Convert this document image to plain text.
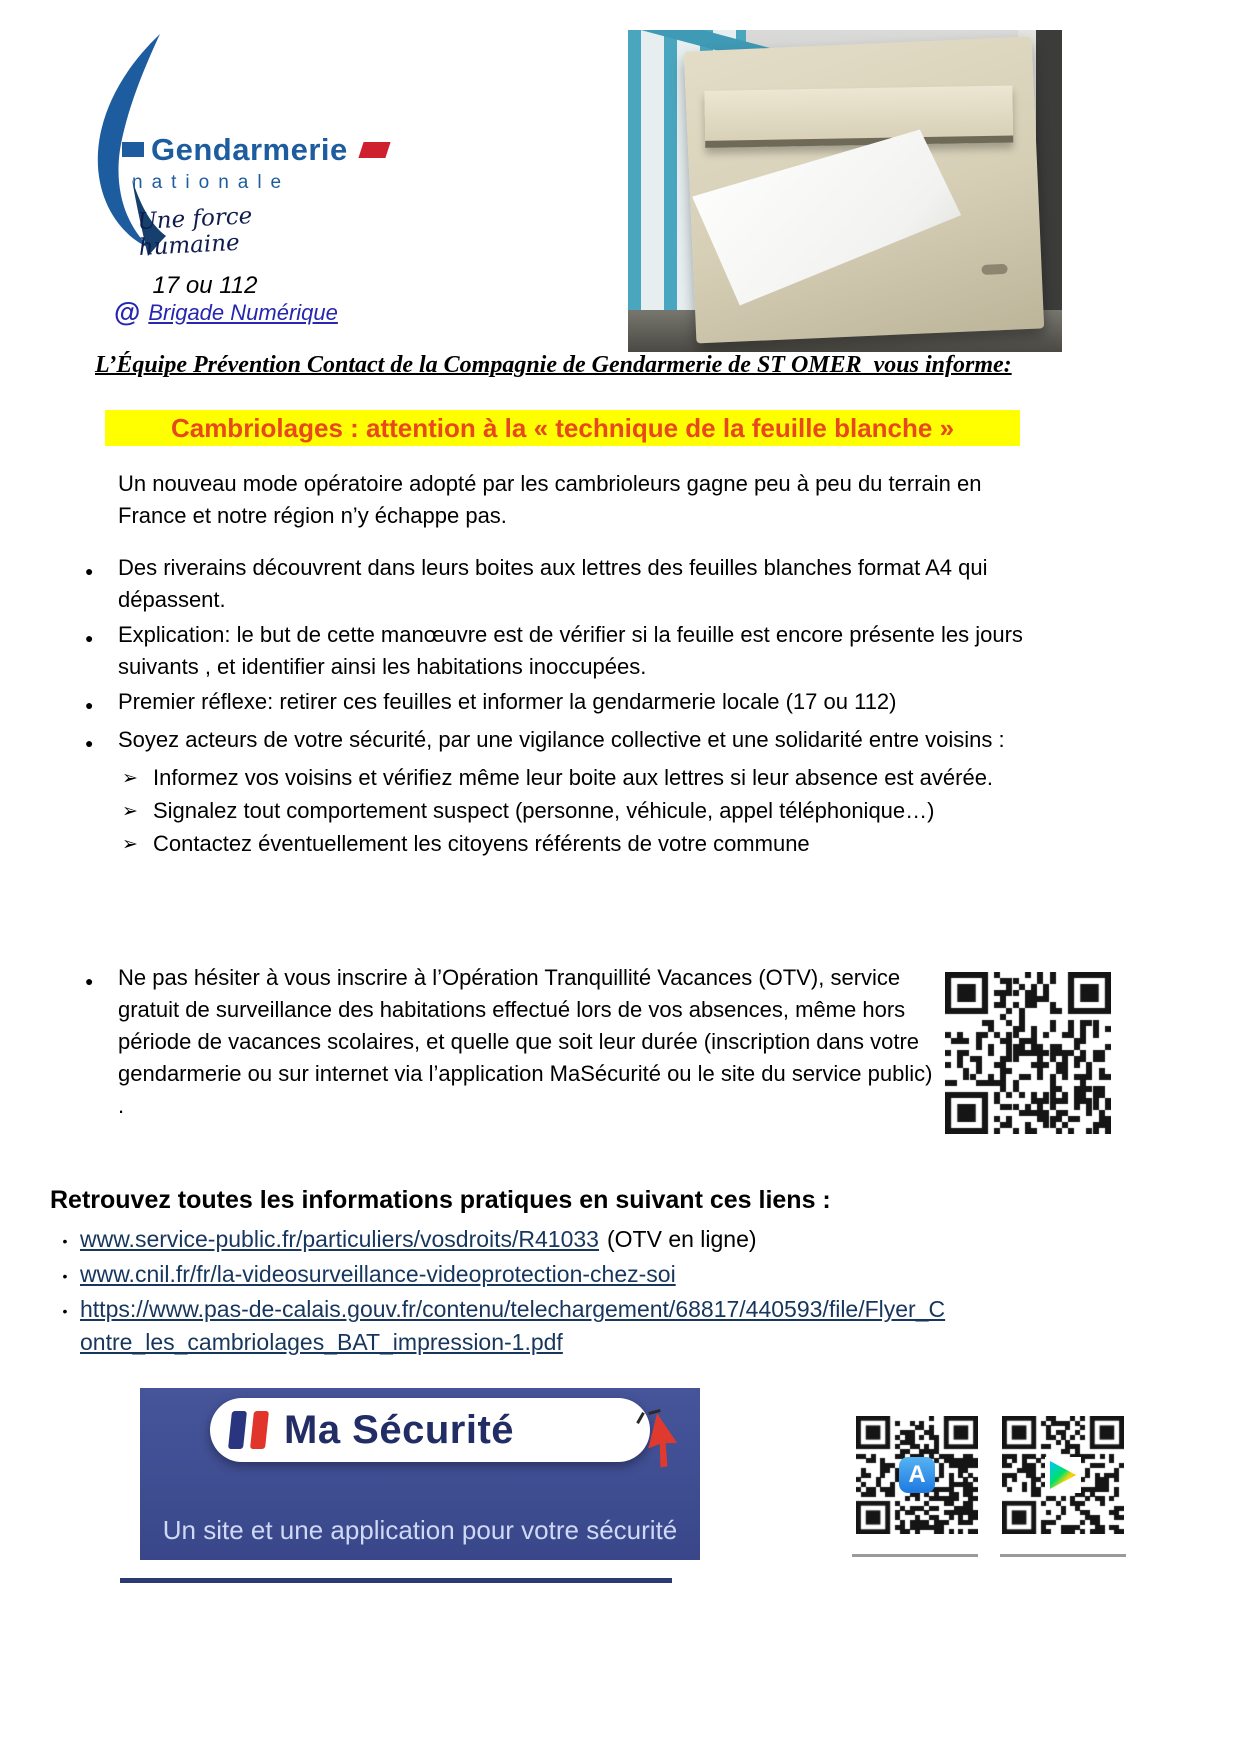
Gendarmerie
nationale
Une force humaine
17 ou 112
@ Brigade Numérique
L’Équipe Prévention Contact de la Compagnie de Gendarmerie de ST OMER  vous informe:
Cambriolages : attention à la « technique de la feuille blanche »
Un nouveau mode opératoire adopté par les cambrioleurs gagne peu à peu du terrain en France et notre région n’y échappe pas.
●	Des riverains découvrent dans leurs boites aux lettres des feuilles blanches format A4 qui dépassent.
●	Explication: le but de cette manœuvre est de vérifier si la feuille est encore présente les jours suivants , et identifier ainsi les habitations inoccupées.
●	Premier réflexe: retirer ces feuilles et informer la gendarmerie locale (17 ou 112)
●	Soyez acteurs de votre sécurité, par une vigilance collective et une solidarité entre voisins :
➢ Informez vos voisins et vérifiez même leur boite aux lettres si leur absence est avérée.
➢ Signalez tout comportement suspect (personne, véhicule, appel téléphonique…)
➢ Contactez éventuellement les citoyens référents de votre commune
●	Ne pas hésiter à vous inscrire à l’Opération Tranquillité Vacances (OTV), service gratuit de surveillance des habitations effectué lors de vos absences, même hors période de vacances scolaires, et quelle que soit leur durée (inscription dans votre gendarmerie ou sur internet via l’application MaSécurité ou le site du service public) .
Retrouvez toutes les informations pratiques en suivant ces liens :
• www.service-public.fr/particuliers/vosdroits/R41033 (OTV en ligne)
• www.cnil.fr/fr/la-videosurveillance-videoprotection-chez-soi
• https://www.pas-de-calais.gouv.fr/contenu/telechargement/68817/440593/file/Flyer_Contre_les_cambriolages_BAT_impression-1.pdf
Ma Sécurité
Un site et une application pour votre sécurité
A
